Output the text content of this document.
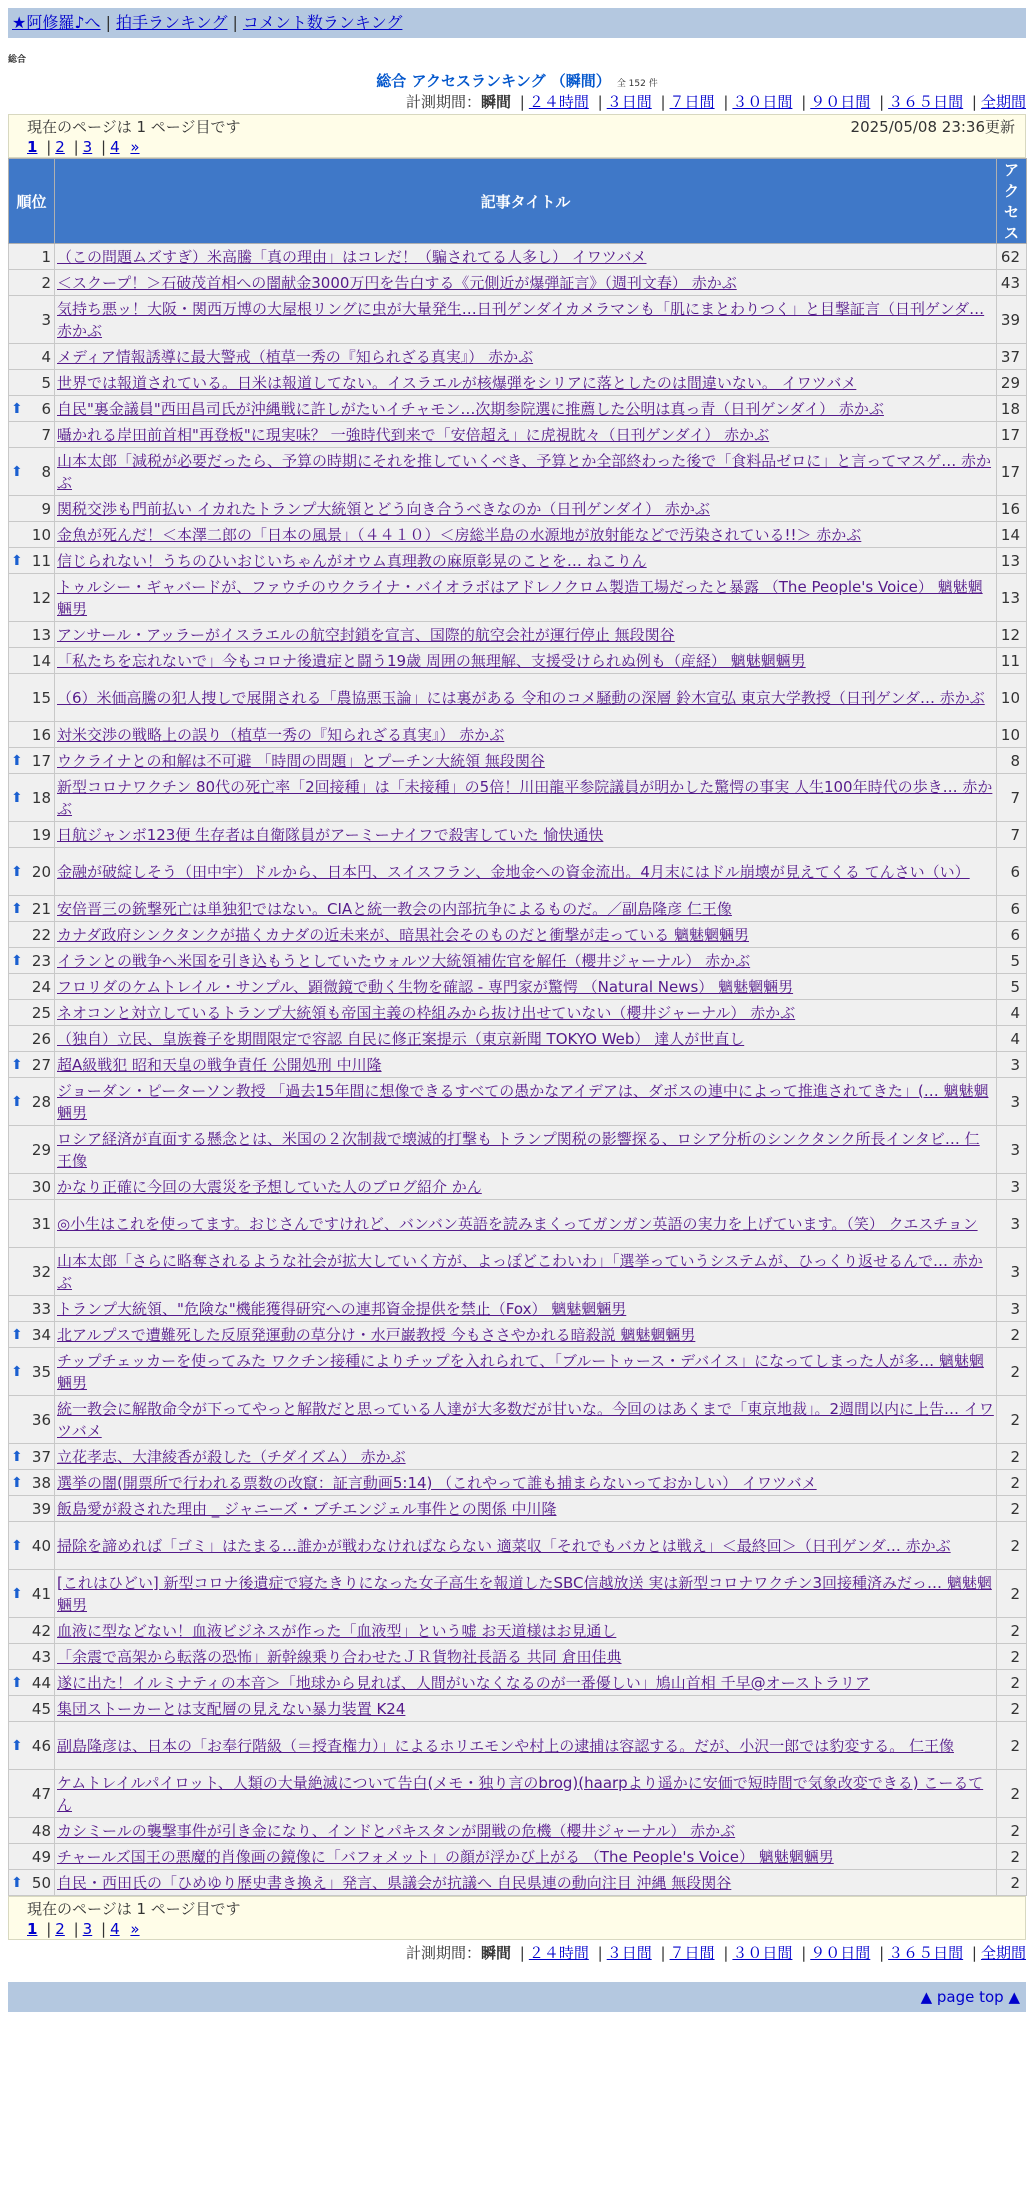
★阿修羅♪へ | 拍手ランキング | コメント数ランキング
総合
総合 アクセスランキング （瞬間） 全 152 件
計測期間：瞬間 | ２４時間 | ３日間 | ７日間 | ３０日間 | ９０日間 | ３６５日間 | 全期間
現在のページは 1 ページ目です	2025/05/08 23:36更新
1 | 2 | 3 | 4 »
順位	記事タイトル	アクセス
1	（この問題ムズすぎ）米高騰「真の理由」はコレだ！（騙されてる人多し） イワツバメ	62
2	＜スクープ！＞石破茂首相への闇献金3000万円を告白する《元側近が爆弾証言》（週刊文春） 赤かぶ	43
3	気持ち悪ッ！大阪・関西万博の大屋根リングに虫が大量発生…日刊ゲンダイカメラマンも「肌にまとわりつく」と目撃証言（日刊ゲンダ… 赤かぶ	39
4	メディア情報誘導に最大警戒（植草一秀の『知られざる真実』） 赤かぶ	37
5	世界では報道されている。日米は報道してない。イスラエルが核爆弾をシリアに落としたのは間違いない。 イワツバメ	29

⬆ 6	自民"裏金議員"西田昌司氏が沖縄戦に許しがたいイチャモン…次期参院選に推薦した公明は真っ青（日刊ゲンダイ） 赤かぶ	18
7	囁かれる岸田前首相"再登板"に現実味？ 一強時代到来で「安倍超え」に虎視眈々（日刊ゲンダイ） 赤かぶ	17

⬆ 8	山本太郎「減税が必要だったら、予算の時期にそれを推していくべき、予算とか全部終わった後で「食料品ゼロに」と言ってマスゲ… 赤かぶ	17
9	関税交渉も門前払い イカれたトランプ大統領とどう向き合うべきなのか（日刊ゲンダイ） 赤かぶ	16
10	金魚が死んだ！＜本澤二郎の「日本の風景」（４４１０）＜房総半島の水源地が放射能などで汚染されている!!＞ 赤かぶ	14

⬆ 11	信じられない！うちのひいおじいちゃんがオウム真理教の麻原彰晃のことを… ねこりん	13
12	トゥルシー・ギャバードが、ファウチのウクライナ・バイオラボはアドレノクロム製造工場だったと暴露 （The People's Voice） 魑魅魍魎男	13
13	アンサール・アッラーがイスラエルの航空封鎖を宣言、国際的航空会社が運行停止 無段関谷	12
14	「私たちを忘れないで」今もコロナ後遺症と闘う19歳 周囲の無理解、支援受けられぬ例も（産経） 魑魅魍魎男	11
15	（6）米価高騰の犯人捜しで展開される「農協悪玉論」には裏がある 令和のコメ騒動の深層 鈴木宣弘 東京大学教授（日刊ゲンダ… 赤かぶ	10
16	対米交渉の戦略上の誤り（植草一秀の『知られざる真実』） 赤かぶ	10

⬆ 17	ウクライナとの和解は不可避 「時間の問題」とプーチン大統領 無段関谷	8

⬆ 18	新型コロナワクチン 80代の死亡率「2回接種」は「未接種」の5倍！川田龍平参院議員が明かした驚愕の事実 人生100年時代の歩き… 赤かぶ	7
19	日航ジャンボ123便 生存者は自衛隊員がアーミーナイフで殺害していた 愉快通快	7

⬆ 20	金融が破綻しそう（田中宇）ドルから、日本円、スイスフラン、金地金への資金流出。4月末にはドル崩壊が見えてくる てんさい（い）	6

⬆ 21	安倍晋三の銃撃死亡は単独犯ではない。CIAと統一教会の内部抗争によるものだ。／副島隆彦 仁王像	6
22	カナダ政府シンクタンクが描くカナダの近未来が、暗黒社会そのものだと衝撃が走っている 魑魅魍魎男	6

⬆ 23	イランとの戦争へ米国を引き込もうとしていたウォルツ大統領補佐官を解任（櫻井ジャーナル） 赤かぶ	5
24	フロリダのケムトレイル・サンプル、顕微鏡で動く生物を確認 - 専門家が驚愕 （Natural News） 魑魅魍魎男	5
25	ネオコンと対立しているトランプ大統領も帝国主義の枠組みから抜け出せていない（櫻井ジャーナル） 赤かぶ	4
26	（独自）立民、皇族養子を期間限定で容認 自民に修正案提示（東京新聞 TOKYO Web） 達人が世直し	4

⬆ 27	超A級戦犯 昭和天皇の戦争責任 公開処刑 中川隆	3

⬆ 28	ジョーダン・ピーターソン教授 「過去15年間に想像できるすべての愚かなアイデアは、ダボスの連中によって推進されてきた」(… 魑魅魍魎男	3
29	ロシア経済が直面する懸念とは、米国の２次制裁で壊滅的打撃も トランプ関税の影響探る、ロシア分析のシンクタンク所長インタビ… 仁王像	3
30	かなり正確に今回の大震災を予想していた人のブログ紹介 かん	3
31	◎小生はこれを使ってます。おじさんですけれど、バンバン英語を読みまくってガンガン英語の実力を上げています。（笑） クエスチョン	3
32	山本太郎「さらに略奪されるような社会が拡大していく方が、よっぽどこわいわ」「選挙っていうシステムが、ひっくり返せるんで… 赤かぶ	3
33	トランプ大統領、"危険な"機能獲得研究への連邦資金提供を禁止（Fox） 魑魅魍魎男	3

⬆ 34	北アルプスで遭難死した反原発運動の草分け・水戸巌教授 今もささやかれる暗殺説 魑魅魍魎男	2

⬆ 35	チップチェッカーを使ってみた ワクチン接種によりチップを入れられて、「ブルートゥース・デバイス」になってしまった人が多… 魑魅魍魎男	2
36	統一教会に解散命令が下ってやっと解散だと思っている人達が大多数だが甘いな。今回のはあくまで「東京地裁」。2週間以内に上告… イワツバメ	2

⬆ 37	立花孝志、大津綾香が殺した（チダイズム） 赤かぶ	2

⬆ 38	選挙の闇(開票所で行われる票数の改竄：証言動画5:14) （これやって誰も捕まらないっておかしい） イワツバメ	2
39	飯島愛が殺された理由 _ ジャニーズ・ブチエンジェル事件との関係 中川隆	2

⬆ 40	掃除を諦めれば「ゴミ」はたまる…誰かが戦わなければならない 適菜収「それでもバカとは戦え」＜最終回＞（日刊ゲンダ… 赤かぶ	2

⬆ 41	[これはひどい] 新型コロナ後遺症で寝たきりになった女子高生を報道したSBC信越放送 実は新型コロナワクチン3回接種済みだっ… 魑魅魍魎男	2
42	血液に型などない！血液ビジネスが作った「血液型」という嘘 お天道様はお見通し	2
43	「余震で高架から転落の恐怖」新幹線乗り合わせたＪＲ貨物社長語る 共同 倉田佳典	2

⬆ 44	遂に出た！イルミナティの本音＞「地球から見れば、人間がいなくなるのが一番優しい」鳩山首相 千早@オーストラリア	2
45	集団ストーカーとは支配層の見えない暴力装置 K24	2

⬆ 46	副島隆彦は、日本の「お奉行階級（＝授査権力）」によるホリエモンや村上の逮捕は容認する。だが、小沢一郎では豹変する。 仁王像	2
47	ケムトレイルパイロット、人類の大量絶滅について告白(メモ・独り言のbrog)(haarpより遥かに安価で短時間で気象改変できる) こーるてん	2
48	カシミールの襲撃事件が引き金になり、インドとパキスタンが開戦の危機（櫻井ジャーナル） 赤かぶ	2
49	チャールズ国王の悪魔的肖像画の鏡像に「バフォメット」の顔が浮かび上がる （The People's Voice） 魑魅魍魎男	2

⬆ 50	自民・西田氏の「ひめゆり歴史書き換え」発言、県議会が抗議へ 自民県連の動向注目 沖縄 無段関谷	2
現在のページは 1 ページ目です
1 | 2 | 3 | 4 »
計測期間：瞬間 | ２４時間 | ３日間 | ７日間 | ３０日間 | ９０日間 | ３６５日間 | 全期間
▲ page top ▲
